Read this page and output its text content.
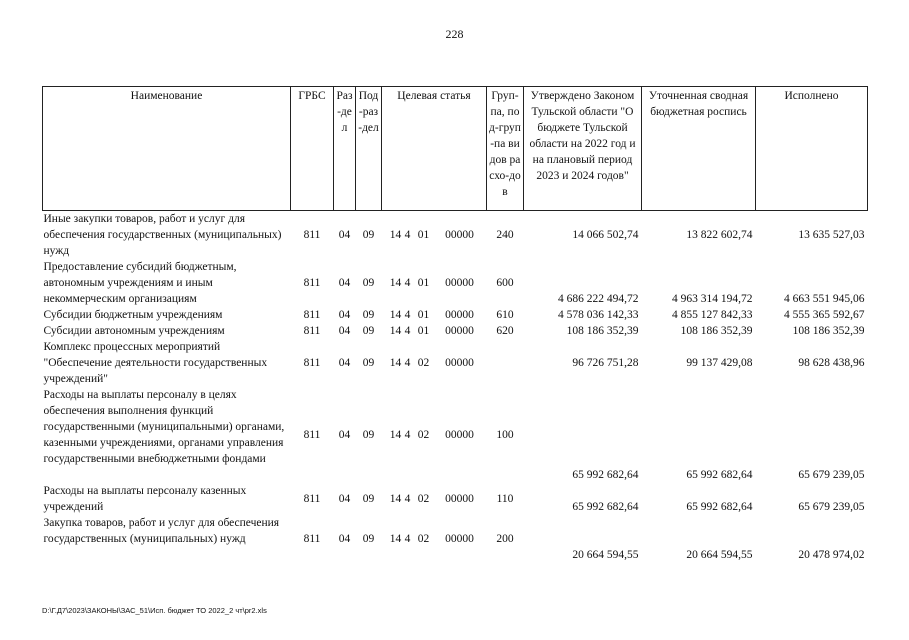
228
Наименование	ГРБС	Раз-дел	Под-раз-дел	Целевая статья	Груп-па, под-груп-па видов расхо-дов	Утверждено Законом Тульской области "О бюджете Тульской области на 2022 год и на плановый период 2023 и 2024 годов"	Уточненная сводная бюджетная роспись	Исполнено
Иные закупки товаров, работ и услуг для обеспечения государственных (муниципальных) нужд	811	04	09	14 4 01 00000	240	14 066 502,74	13 822 602,74	13 635 527,03
Предоставление субсидий бюджетным, автономным учреждениям и иным некоммерческим организациям	811	04	09	14 4 01 00000	600	4 686 222 494,72	4 963 314 194,72	4 663 551 945,06
Субсидии бюджетным учреждениям	811	04	09	14 4 01 00000	610	4 578 036 142,33	4 855 127 842,33	4 555 365 592,67
Субсидии автономным учреждениям	811	04	09	14 4 01 00000	620	108 186 352,39	108 186 352,39	108 186 352,39
Комплекс процессных мероприятий "Обеспечение деятельности государственных учреждений"	811	04	09	14 4 02 00000		96 726 751,28	99 137 429,08	98 628 438,96
Расходы на выплаты персоналу в целях обеспечения выполнения функций государственными (муниципальными) органами, казенными учреждениями, органами управления государственными внебюджетными фондами	811	04	09	14 4 02 00000	100	65 992 682,64	65 992 682,64	65 679 239,05
Расходы на выплаты персоналу казенных учреждений	811	04	09	14 4 02 00000	110	65 992 682,64	65 992 682,64	65 679 239,05
Закупка товаров, работ и услуг для обеспечения государственных (муниципальных) нужд	811	04	09	14 4 02 00000	200	20 664 594,55	20 664 594,55	20 478 974,02
D:\Г.Д7\2023\ЗАКОНЫ\ЗАС_51\Исп. бюджет ТО 2022_2 чт\pr2.xls
